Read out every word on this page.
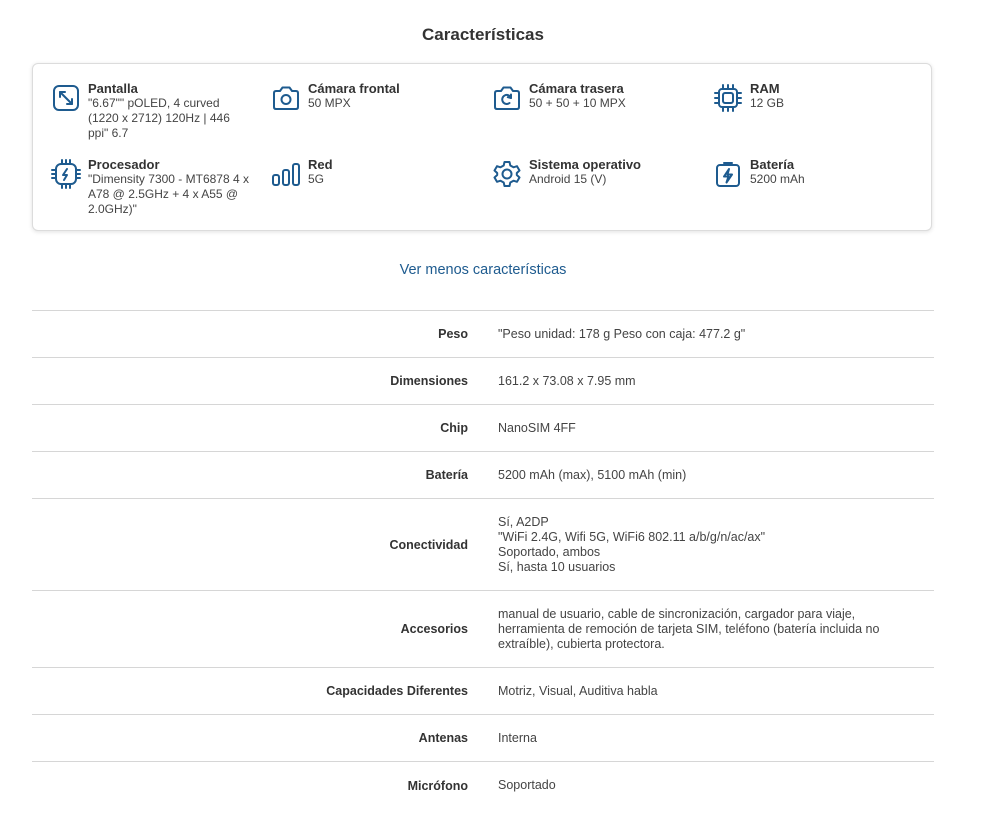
Características
Pantalla
"6.67"" pOLED, 4 curved (1220 x 2712) 120Hz | 446 ppi" 6.7
Cámara frontal
50 MPX
Cámara trasera
50 + 50 + 10 MPX
RAM
12 GB
Procesador
"Dimensity 7300 - MT6878 4 x A78 @ 2.5GHz + 4 x A55 @ 2.0GHz)"
Red
5G
Sistema operativo
Android 15 (V)
Batería
5200 mAh
Ver menos características
Peso "Peso unidad: 178 g Peso con caja: 477.2 g"
Dimensiones 161.2 x 73.08 x 7.95 mm
Chip NanoSIM 4FF
Batería 5200 mAh (max), 5100 mAh (min)
Conectividad
Sí, A2DP
"WiFi 2.4G, Wifi 5G, WiFi6 802.11 a/b/g/n/ac/ax"
Soportado, ambos
Sí, hasta 10 usuarios
Accesorios
manual de usuario, cable de sincronización, cargador para viaje, herramienta de remoción de tarjeta SIM, teléfono (batería incluida no extraíble), cubierta protectora.
Capacidades Diferentes Motriz, Visual, Auditiva habla
Antenas Interna
Micrófono Soportado
